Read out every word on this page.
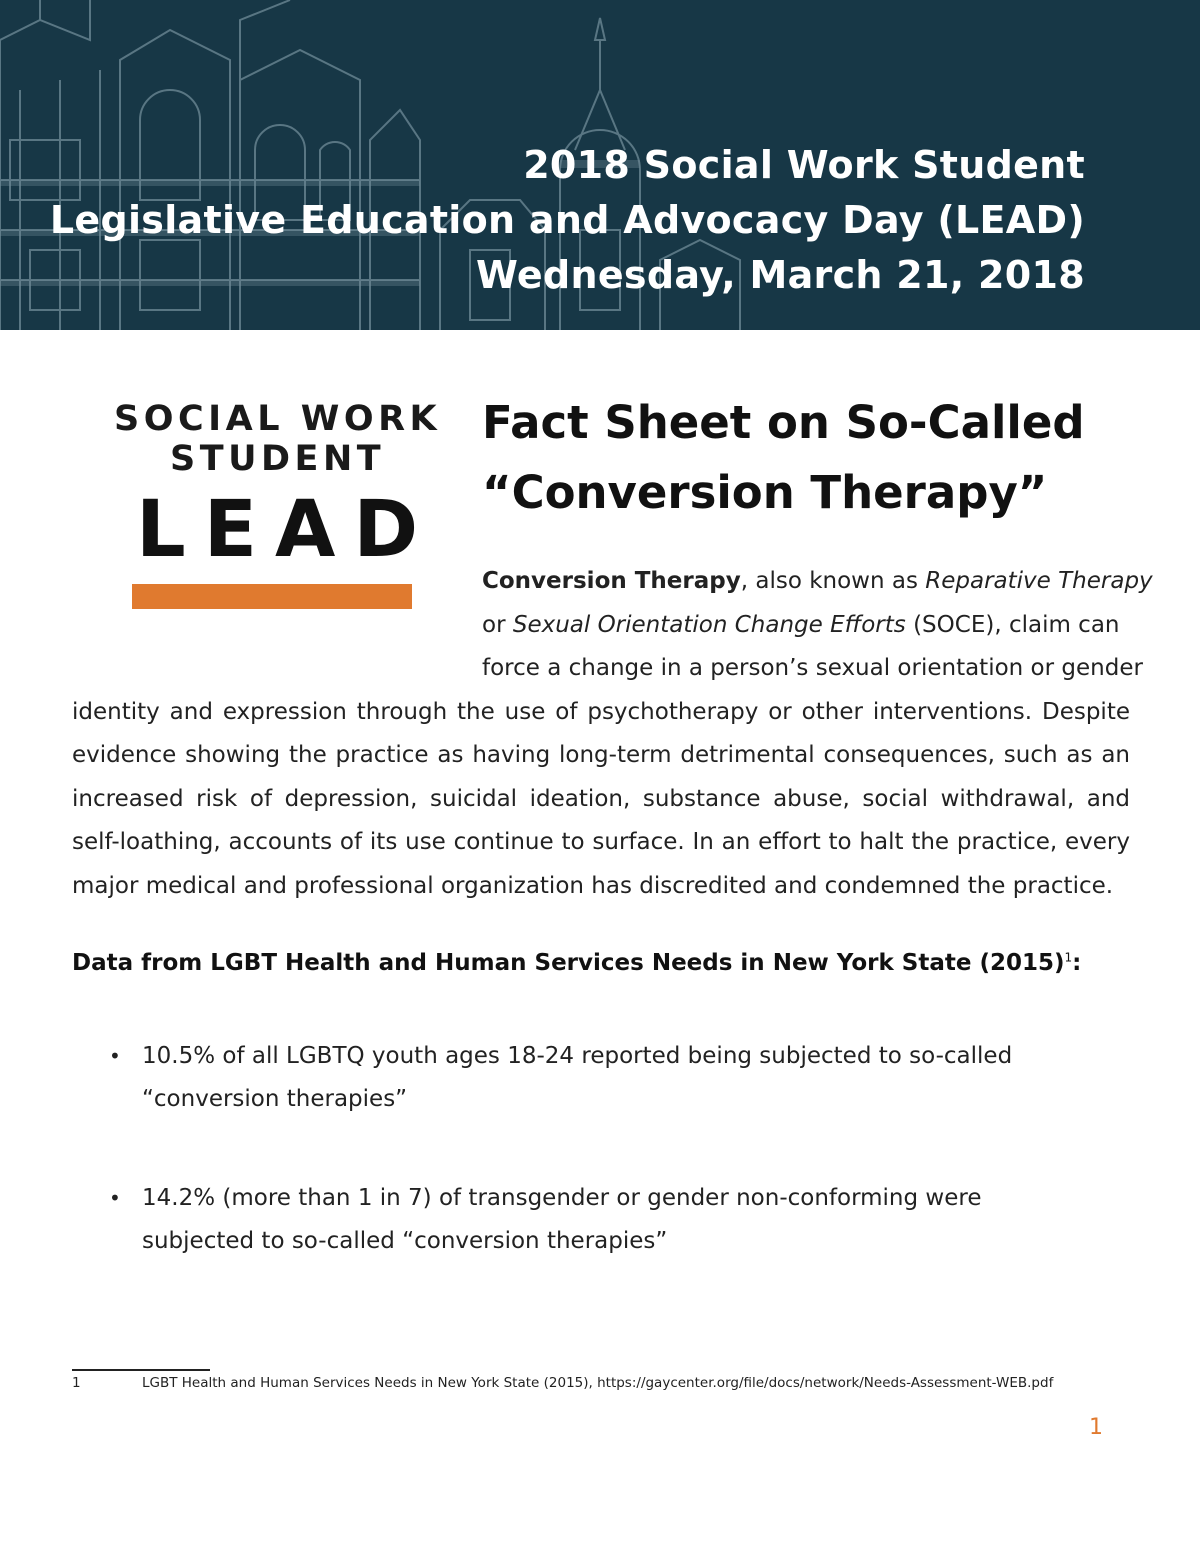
2018 Social Work Student
Legislative Education and Advocacy Day (LEAD)
Wednesday, March 21, 2018
SOCIAL WORK
STUDENT
LEAD
Fact Sheet on So-Called
“Conversion Therapy”
Conversion Therapy, also known as Reparative Therapy
or Sexual Orientation Change Efforts (SOCE), claim can
force a change in a person’s sexual orientation or gender
identity and expression through the use of psychotherapy or other interventions. Despite
evidence showing the practice as having long-term detrimental consequences, such as an
increased risk of depression, suicidal ideation, substance abuse, social withdrawal, and
self-loathing, accounts of its use continue to surface. In an effort to halt the practice, every
major medical and professional organization has discredited and condemned the practice.
Data from LGBT Health and Human Services Needs in New York State $(2015)^1$:
• 10.5% of all LGBTQ youth ages 18-24 reported being subjected to so-called
“conversion therapies”
• 14.2% (more than 1 in 7) of transgender or gender non-conforming were
subjected to so-called “conversion therapies”
1	LGBT Health and Human Services Needs in New York State (2015), https://gaycenter.org/file/docs/network/Needs-Assessment-WEB.pdf
1
